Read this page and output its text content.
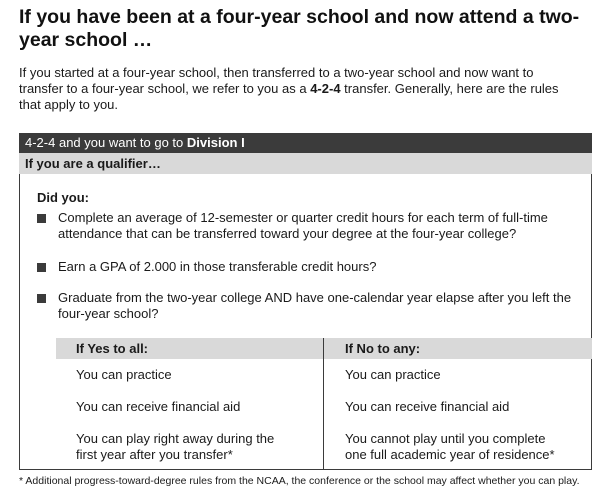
If you have been at a four-year school and now attend a two-year school …
If you started at a four-year school, then transferred to a two-year school and now want to transfer to a four-year school, we refer to you as a 4-2-4 transfer. Generally, here are the rules that apply to you.
4-2-4 and you want to go to Division I
If you are a qualifier…
Did you:
Complete an average of 12-semester or quarter credit hours for each term of full-time attendance that can be transferred toward your degree at the four-year college?
Earn a GPA of 2.000 in those transferable credit hours?
Graduate from the two-year college AND have one-calendar year elapse after you left the four-year school?
If Yes to all:	If No to any:
You can practice
You can receive financial aid
You can play right away during the first year after you transfer*
You can practice
You can receive financial aid
You cannot play until you complete one full academic year of residence*
* Additional progress-toward-degree rules from the NCAA, the conference or the school may affect whether you can play.
